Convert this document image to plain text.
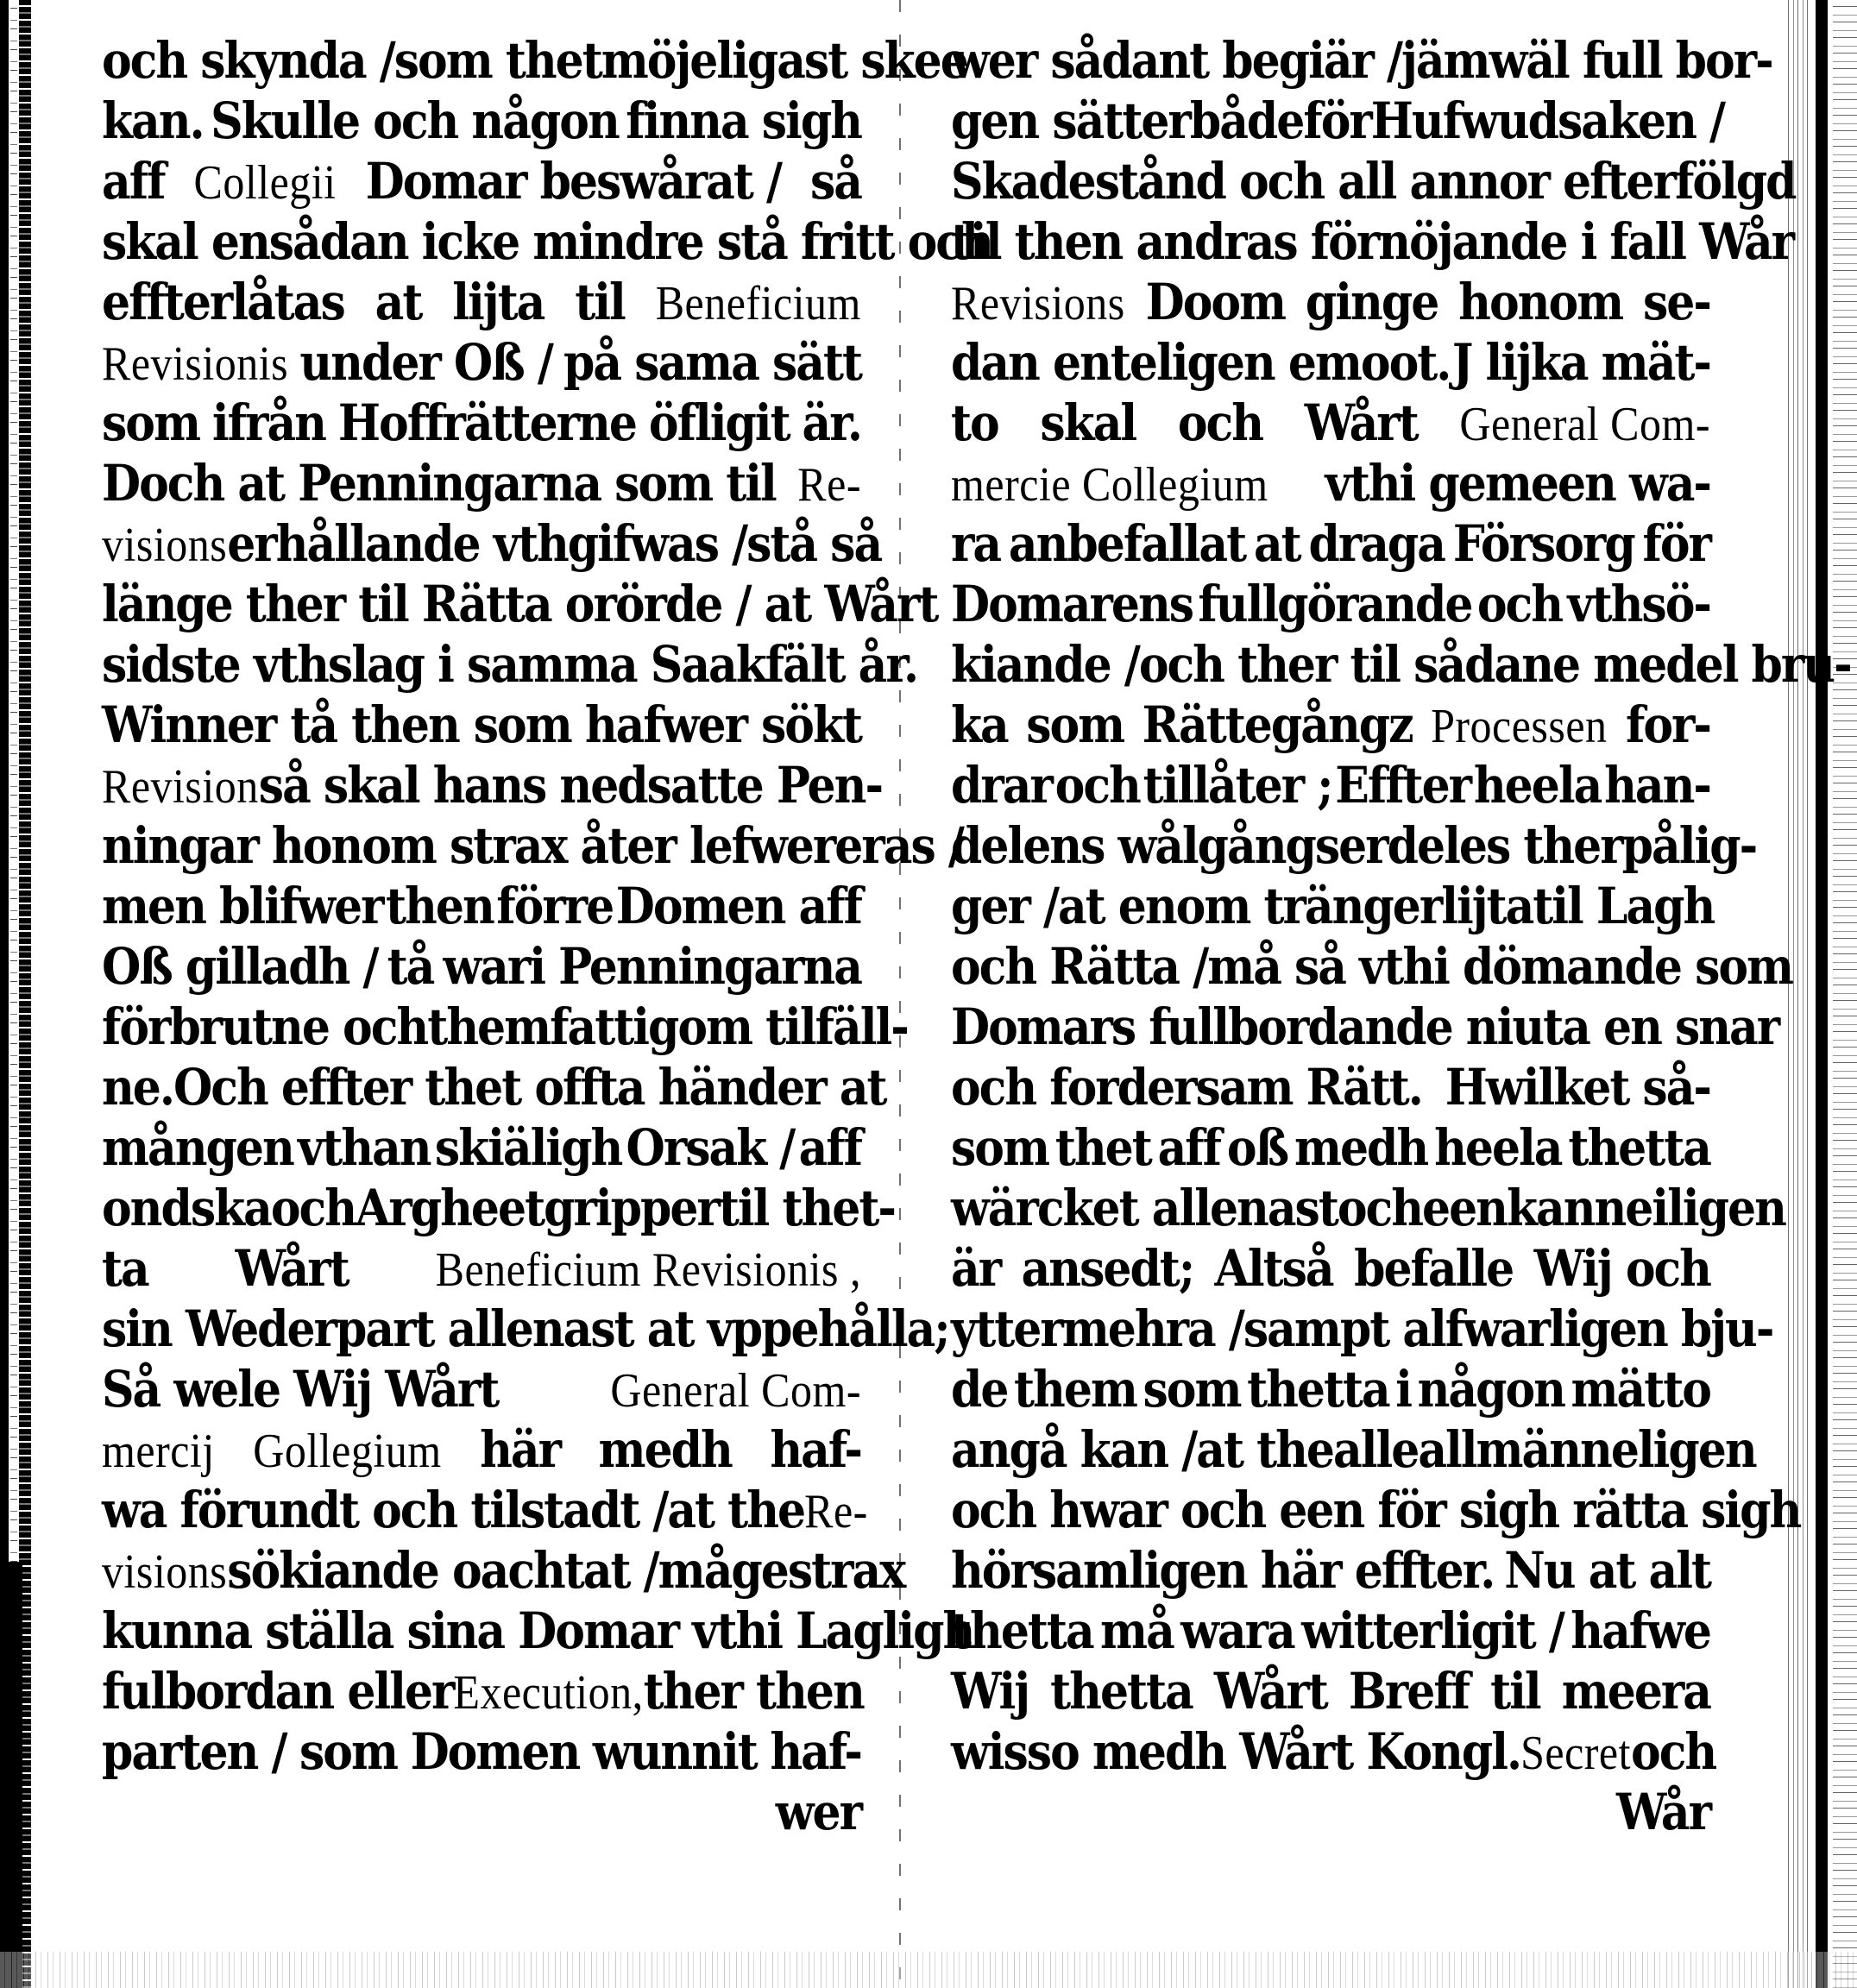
och skynda / som thet möjeligast skee
kan. Skulle och någon finna sigh
aff Collegii Domar beswårat / så
skal en sådan icke mindre stå fritt och
effterlåtas at lijta til Beneficium
Revisionis under Oß / på sama sätt
som ifrån Hoffrätterne öfligit är.
Doch at Penningarna som til Re-
visions erhållande vthgifwas / stå så
länge ther til Rätta orörde / at Wårt
sidste vthslag i samma Saak fält år.
Winner tå then som hafwer sökt
Revision så skal hans nedsatte Pen-
ningar honom strax åter lefwereras /
men blifwer then förre Domen aff
Oß gilladh / tå wari Penningarna
förbrutne och them fattigom tilfäll-
ne. Och effter thet offta händer at
mången vthan skiäligh Orsak / aff
ondska och Argheet gripper til thet-
ta Wårt Beneficium Revisionis ,
sin Wederpart allenast at vppehålla;
Så wele Wij Wårt	General Com-
mercij Gollegium här medh haf-
wa förundt och tilstadt / at the Re-
visions sökiande oachtat / måge strax
kunna ställa sina Domar vthi Lagligh
fulbordan eller Execution, ther then
parten / som Domen wunnit haf-
wer
wer sådant begiär / jämwäl full bor-
gen sätter både för Hufwudsaken /
Skadestånd och all annor efterfölgd
til then andras förnöjande i fall Wår
Revisions Doom ginge honom se-
dan enteligen emoot. J lijka mät-
to skal och Wårt General Com-
mercie Collegium vthi gemeen wa-
ra anbefallat at draga Försorg för
Domarens fullgörande och vthsö-
kiande / och ther til sådane medel bru-
ka som Rättegångz Processen for-
drar och tillåter ; Effter heela han-
delens wålgång serdeles ther på lig-
ger / at en om tränger lijta til Lagh
och Rätta / må så vthi dömande som
Domars fullbordande niuta en snar
och fordersam Rätt. Hwilket så-
som thet aff oß medh heela thetta
wärcket allenast och eenkanneiligen
är ansedt; Altså befalle Wij och
yttermehra / sampt alfwarligen bju-
de them som thetta i någon mätto
angå kan / at the alle allmänneligen
och hwar och een för sigh rätta sigh
hörsamligen här effter. Nu at alt
thetta må wara witterligit / hafwe
Wij thetta Wårt Breff til meera
wisso medh Wårt Kongl. Secret och
Wår
